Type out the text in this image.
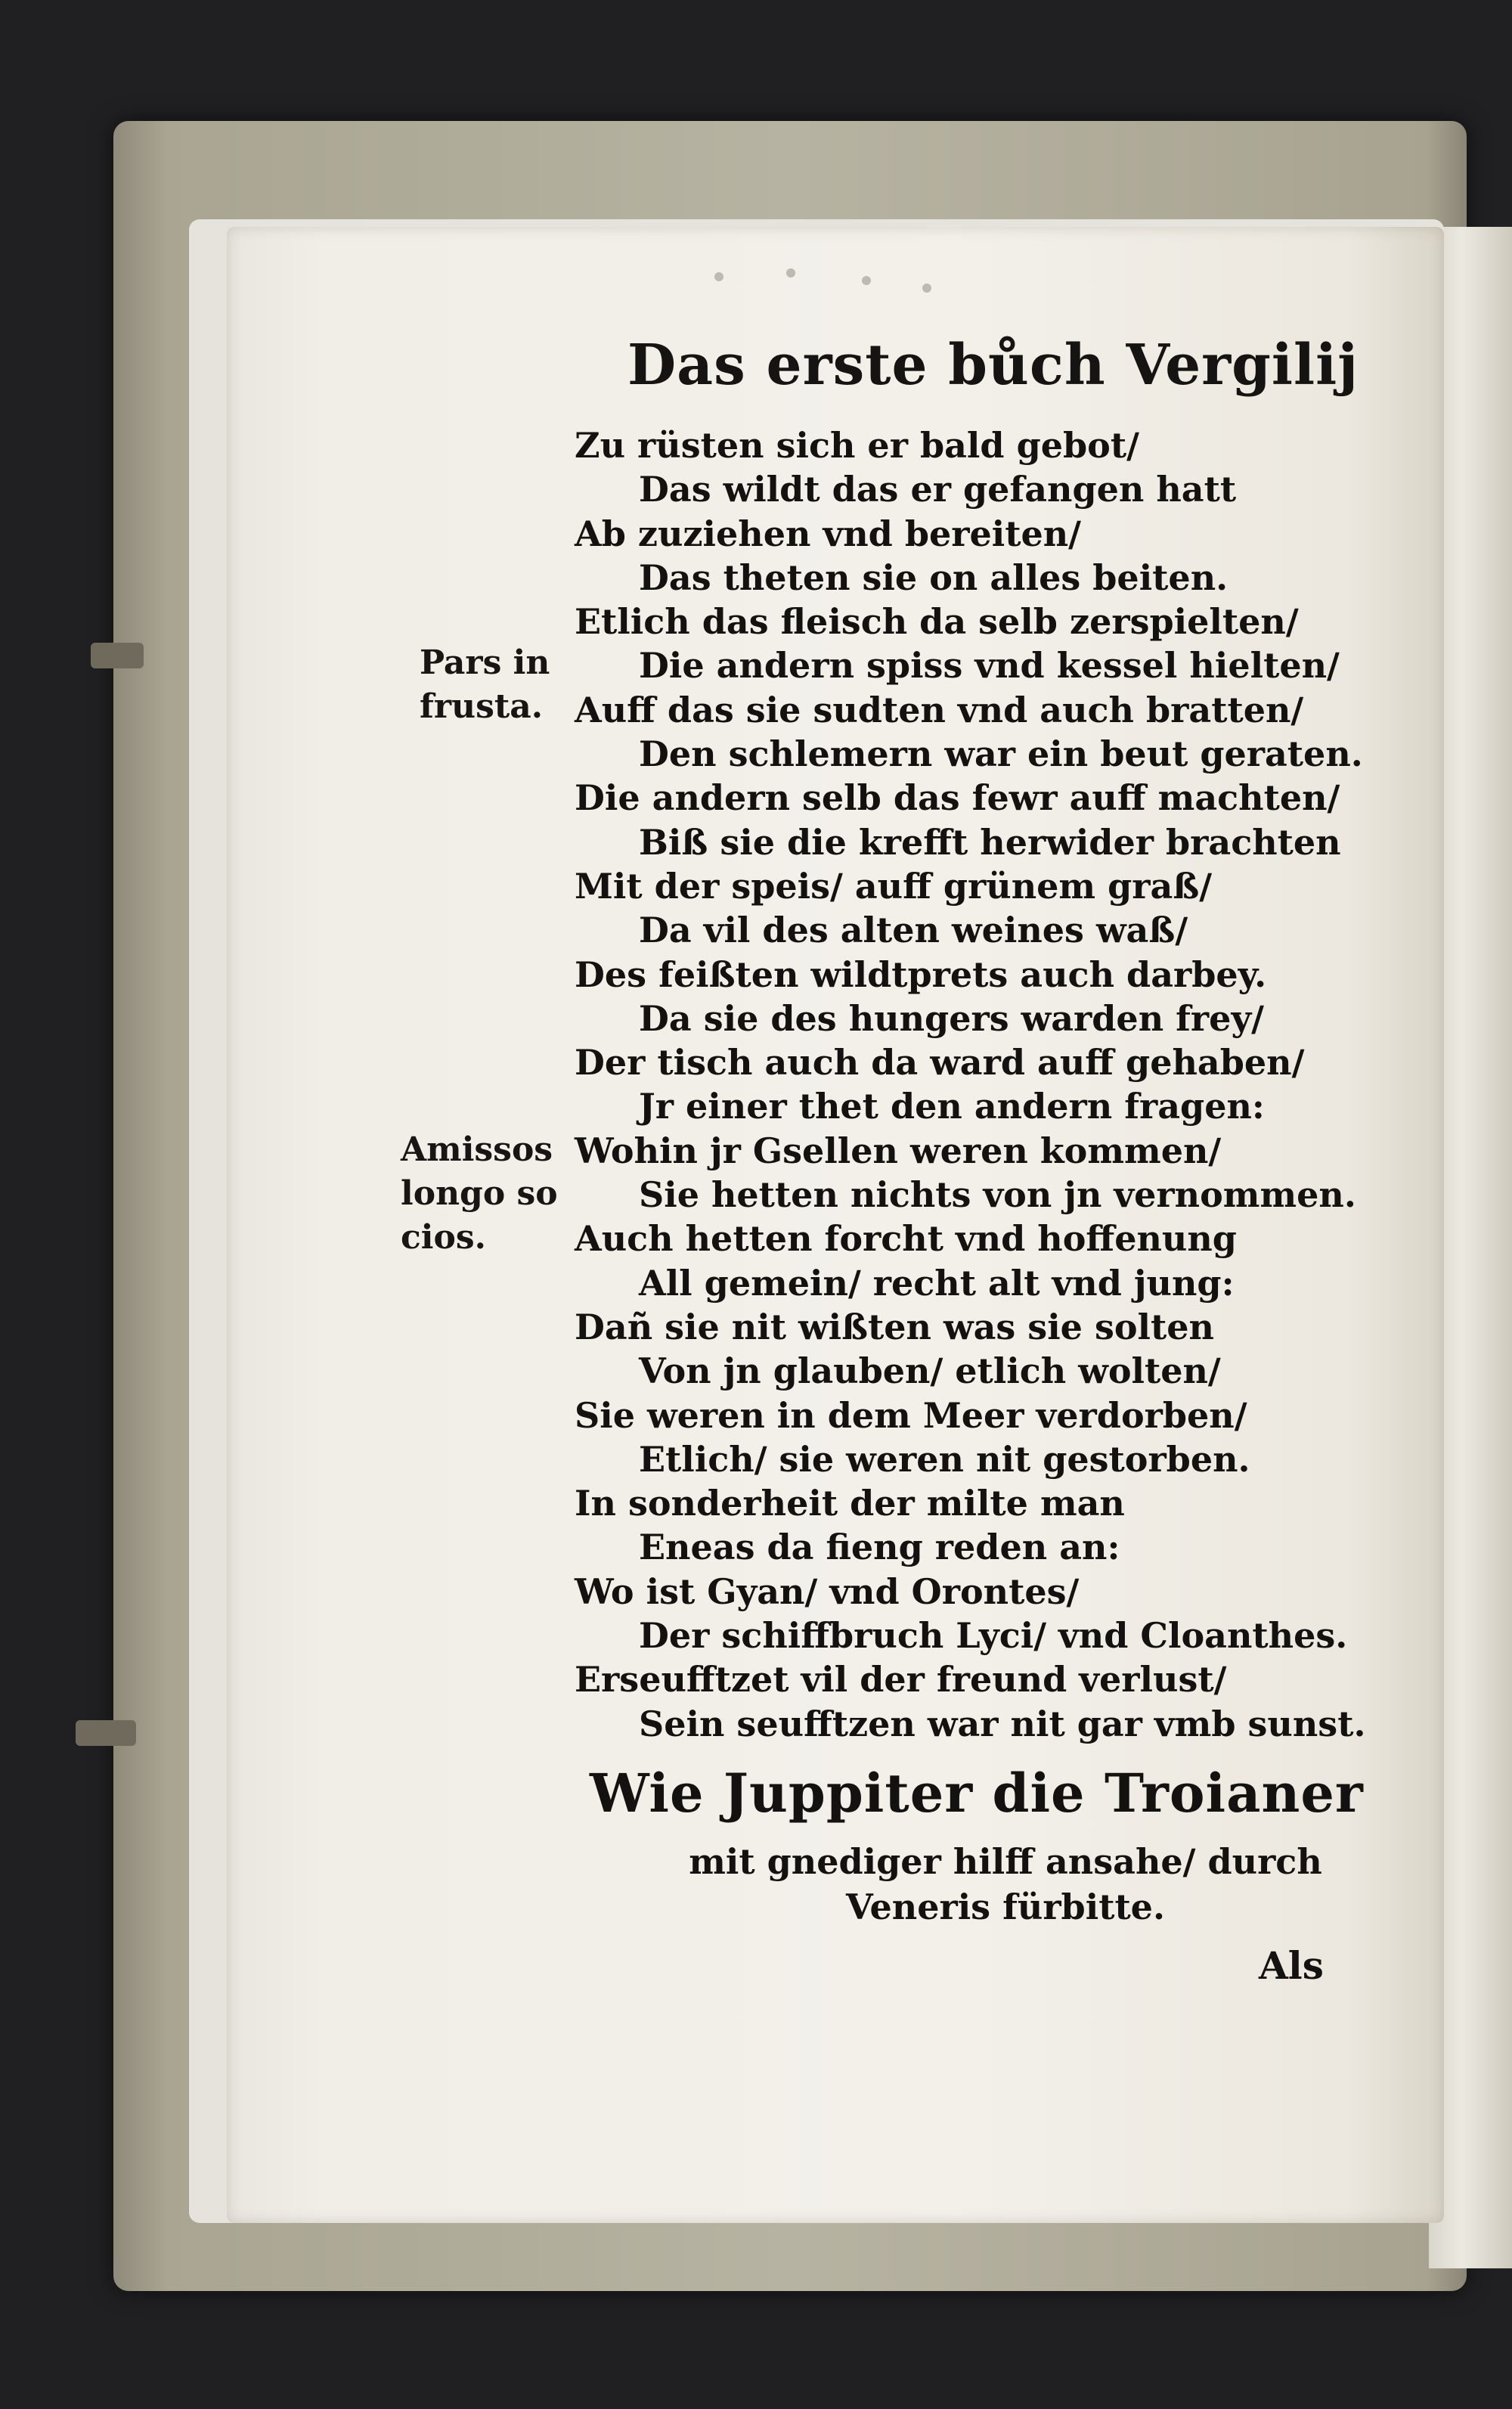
Das erste bůch Vergilij
Zu rüsten sich er bald gebot/
Das wildt das er gefangen hatt
Ab zuziehen vnd bereiten/
Das theten sie on alles beiten.
Etlich das fleisch da selb zerspielten/
Die andern spiss vnd kessel hielten/
Auff das sie sudten vnd auch bratten/
Den schlemern war ein beut geraten.
Die andern selb das fewr auff machten/
Biß sie die krefft herwider brachten
Mit der speis/ auff grünem graß/
Da vil des alten weines waß/
Des feißten wildtprets auch darbey.
Da sie des hungers warden frey/
Der tisch auch da ward auff gehaben/
Jr einer thet den andern fragen:
Wohin jr Gsellen weren kommen/
Sie hetten nichts von jn vernommen.
Auch hetten forcht vnd hoffenung
All gemein/ recht alt vnd jung:
Dañ sie nit wißten was sie solten
Von jn glauben/ etlich wolten/
Sie weren in dem Meer verdorben/
Etlich/ sie weren nit gestorben.
In sonderheit der milte man
Eneas da fieng reden an:
Wo ist Gyan/ vnd Orontes/
Der schiffbruch Lyci/ vnd Cloanthes.
Erseufftzet vil der freund verlust/
Sein seufftzen war nit gar vmb sunst.
Pars in
frusta.
Amissos
longo so
cios.
Wie Juppiter die Troianer
mit gnediger hilff ansahe/ durch
Veneris fürbitte.
Als
